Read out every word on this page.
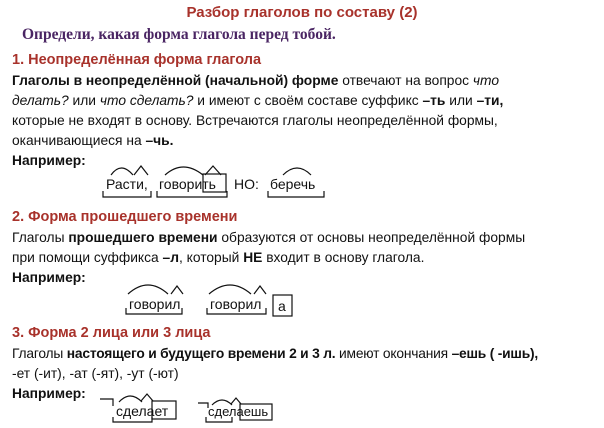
Разбор глаголов по составу (2)
Определи, какая форма глагола перед тобой.
1. Неопределённая форма глагола
Глаголы в неопределённой (начальной) форме отвечают на вопрос что
делать? или что сделать? и имеют с своём составе суффикс –ть или –ти,
которые не входят в основу. Встречаются глаголы неопределённой формы,
оканчивающиеся на –чь.
Например:
Расти, говорить НО: беречь
2. Форма прошедшего времени
Глаголы прошедшего времени образуются от основы неопределённой формы
при помощи суффикса –л, который НЕ входит в основу глагола.
Например:
говорил говорил а
3. Форма 2 лица или 3 лица
Глаголы настоящего и будущего времени 2 и 3 л. имеют окончания –ешь ( -ишь),
-ет (-ит), -ат (-ят), -ут (-ют)
Например:
сделает	сделаешь
